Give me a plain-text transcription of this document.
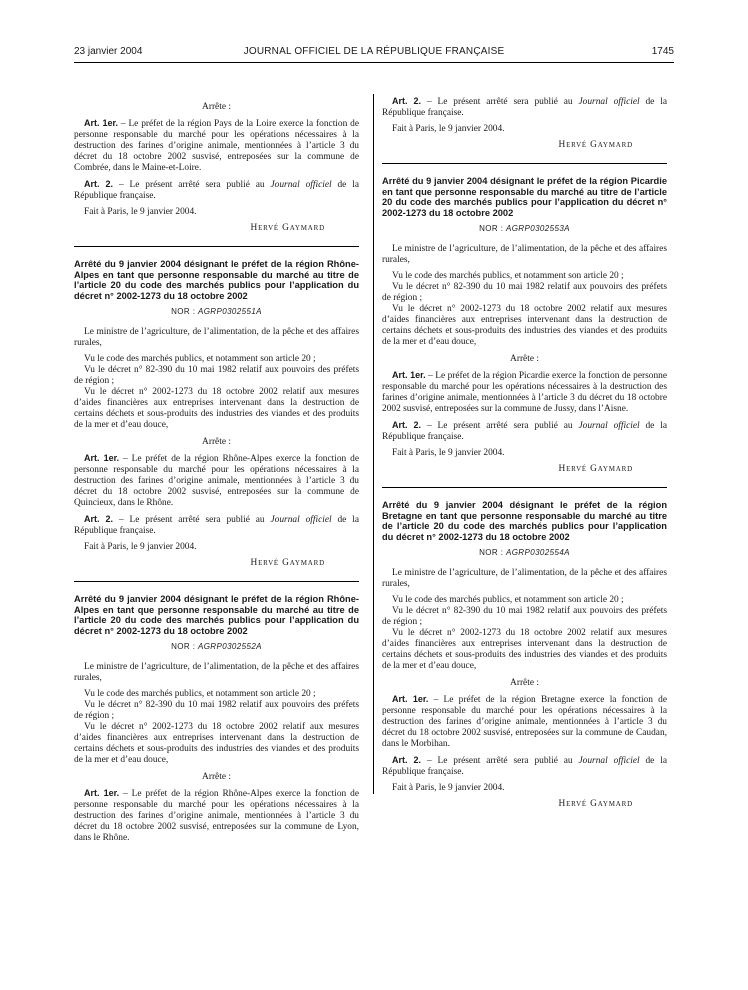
23 janvier 2004	JOURNAL OFFICIEL DE LA RÉPUBLIQUE FRANÇAISE	1745

Arrête :

Art. 1er. – Le préfet de la région Pays de la Loire exerce la fonction de personne responsable du marché pour les opérations nécessaires à la destruction des farines d’origine animale, mentionnées à l’article 3 du décret du 18 octobre 2002 susvisé, entreposées sur la commune de Combrée, dans le Maine-et-Loire.

Art. 2. – Le présent arrêté sera publié au Journal officiel de la République française.

Fait à Paris, le 9 janvier 2004.

Hervé Gaymard
Arrêté du 9 janvier 2004 désignant le préfet de la région Rhône-Alpes en tant que personne responsable du marché au titre de l’article 20 du code des marchés publics pour l’application du décret n° 2002-1273 du 18 octobre 2002
NOR : AGRP0302551A

Le ministre de l’agriculture, de l’alimentation, de la pêche et des affaires rurales,

Vu le code des marchés publics, et notamment son article 20 ;

Vu le décret n° 82-390 du 10 mai 1982 relatif aux pouvoirs des préfets de région ;

Vu le décret n° 2002-1273 du 18 octobre 2002 relatif aux mesures d’aides financières aux entreprises intervenant dans la destruction de certains déchets et sous-produits des industries des viandes et des produits de la mer et d’eau douce,

Arrête :

Art. 1er. – Le préfet de la région Rhône-Alpes exerce la fonction de personne responsable du marché pour les opérations nécessaires à la destruction des farines d’origine animale, mentionnées à l’article 3 du décret du 18 octobre 2002 susvisé, entreposées sur la commune de Quincieux, dans le Rhône.

Art. 2. – Le présent arrêté sera publié au Journal officiel de la République française.

Fait à Paris, le 9 janvier 2004.

Hervé Gaymard
Arrêté du 9 janvier 2004 désignant le préfet de la région Rhône-Alpes en tant que personne responsable du marché au titre de l’article 20 du code des marchés publics pour l’application du décret n° 2002-1273 du 18 octobre 2002
NOR : AGRP0302552A

Le ministre de l’agriculture, de l’alimentation, de la pêche et des affaires rurales,

Vu le code des marchés publics, et notamment son article 20 ;

Vu le décret n° 82-390 du 10 mai 1982 relatif aux pouvoirs des préfets de région ;

Vu le décret n° 2002-1273 du 18 octobre 2002 relatif aux mesures d’aides financières aux entreprises intervenant dans la destruction de certains déchets et sous-produits des industries des viandes et des produits de la mer et d’eau douce,

Arrête :

Art. 1er. – Le préfet de la région Rhône-Alpes exerce la fonction de personne responsable du marché pour les opérations nécessaires à la destruction des farines d’origine animale, mentionnées à l’article 3 du décret du 18 octobre 2002 susvisé, entreposées sur la commune de Lyon, dans le Rhône.

Art. 2. – Le présent arrêté sera publié au Journal officiel de la République française.

Fait à Paris, le 9 janvier 2004.

Hervé Gaymard
Arrêté du 9 janvier 2004 désignant le préfet de la région Picardie en tant que personne responsable du marché au titre de l’article 20 du code des marchés publics pour l’application du décret n° 2002-1273 du 18 octobre 2002
NOR : AGRP0302553A

Le ministre de l’agriculture, de l’alimentation, de la pêche et des affaires rurales,

Vu le code des marchés publics, et notamment son article 20 ;

Vu le décret n° 82-390 du 10 mai 1982 relatif aux pouvoirs des préfets de région ;

Vu le décret n° 2002-1273 du 18 octobre 2002 relatif aux mesures d’aides financières aux entreprises intervenant dans la destruction de certains déchets et sous-produits des industries des viandes et des produits de la mer et d’eau douce,

Arrête :

Art. 1er. – Le préfet de la région Picardie exerce la fonction de personne responsable du marché pour les opérations nécessaires à la destruction des farines d’origine animale, mentionnées à l’article 3 du décret du 18 octobre 2002 susvisé, entreposées sur la commune de Jussy, dans l’Aisne.

Art. 2. – Le présent arrêté sera publié au Journal officiel de la République française.

Fait à Paris, le 9 janvier 2004.

Hervé Gaymard
Arrêté du 9 janvier 2004 désignant le préfet de la région Bretagne en tant que personne responsable du marché au titre de l’article 20 du code des marchés publics pour l’application du décret n° 2002-1273 du 18 octobre 2002
NOR : AGRP0302554A

Le ministre de l’agriculture, de l’alimentation, de la pêche et des affaires rurales,

Vu le code des marchés publics, et notamment son article 20 ;

Vu le décret n° 82-390 du 10 mai 1982 relatif aux pouvoirs des préfets de région ;

Vu le décret n° 2002-1273 du 18 octobre 2002 relatif aux mesures d’aides financières aux entreprises intervenant dans la destruction de certains déchets et sous-produits des industries des viandes et des produits de la mer et d’eau douce,

Arrête :

Art. 1er. – Le préfet de la région Bretagne exerce la fonction de personne responsable du marché pour les opérations nécessaires à la destruction des farines d’origine animale, mentionnées à l’article 3 du décret du 18 octobre 2002 susvisé, entreposées sur la commune de Caudan, dans le Morbihan.

Art. 2. – Le présent arrêté sera publié au Journal officiel de la République française.

Fait à Paris, le 9 janvier 2004.

Hervé Gaymard
